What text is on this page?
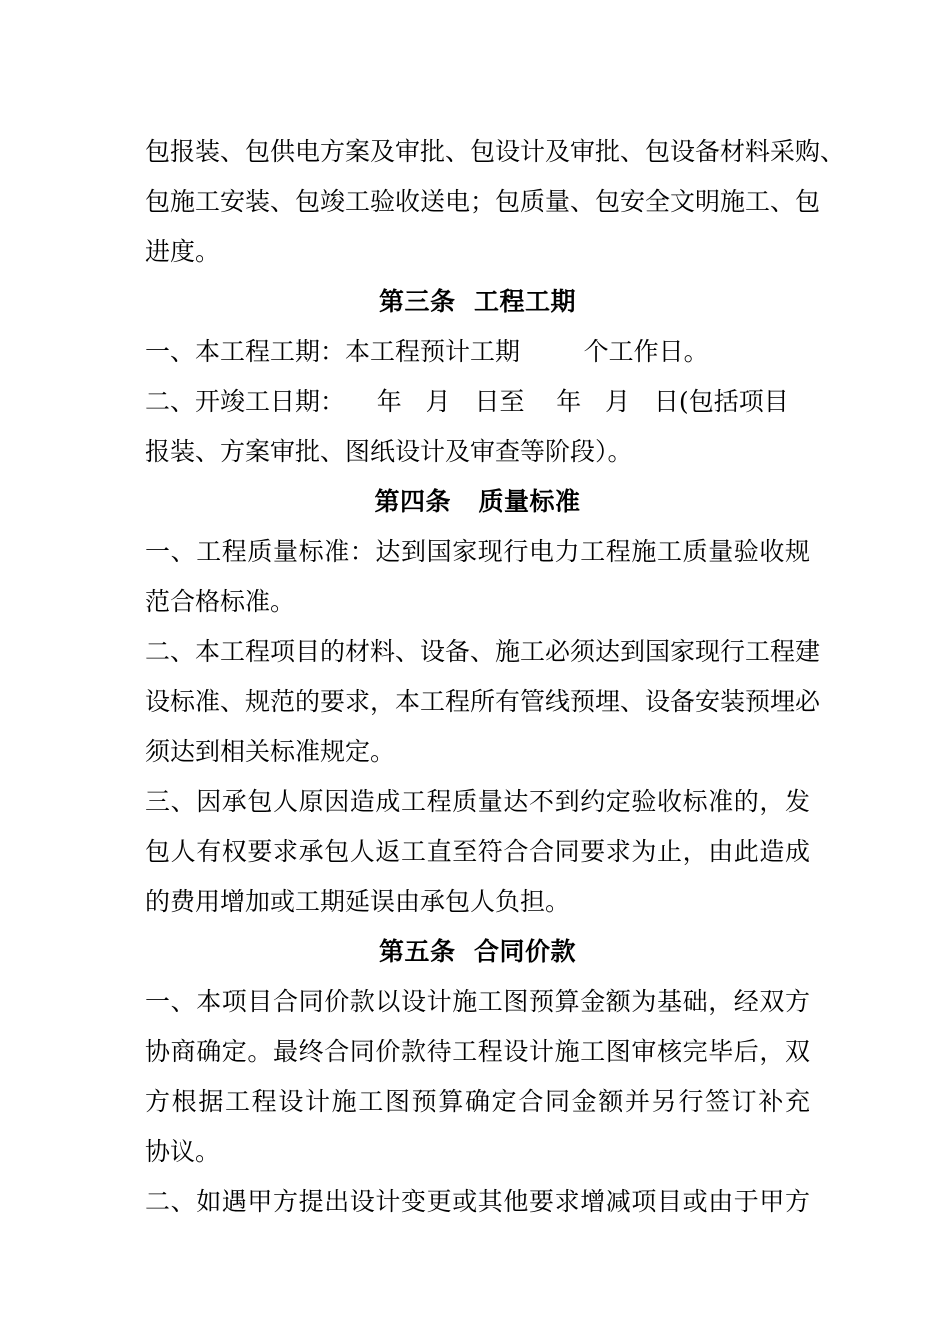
包报装、包供电方案及审批、包设计及审批、包设备材料采购、
包施工安装、包竣工验收送电；包质量、包安全文明施工、包
进度。
第三条  工程工期
一、本工程工期：本工程预计工期        个工作日。
二、开竣工日期：    年   月   日至    年   月   日(包括项目
报装、方案审批、图纸设计及审查等阶段）。
第四条   质量标准
一、工程质量标准：达到国家现行电力工程施工质量验收规
范合格标准。
二、本工程项目的材料、设备、施工必须达到国家现行工程建
设标准、规范的要求，本工程所有管线预埋、设备安装预埋必
须达到相关标准规定。
三、因承包人原因造成工程质量达不到约定验收标准的，发
包人有权要求承包人返工直至符合合同要求为止，由此造成
的费用增加或工期延误由承包人负担。
第五条  合同价款
一、本项目合同价款以设计施工图预算金额为基础，经双方
协商确定。最终合同价款待工程设计施工图审核完毕后，双
方根据工程设计施工图预算确定合同金额并另行签订补充
协议。
二、如遇甲方提出设计变更或其他要求增减项目或由于甲方
